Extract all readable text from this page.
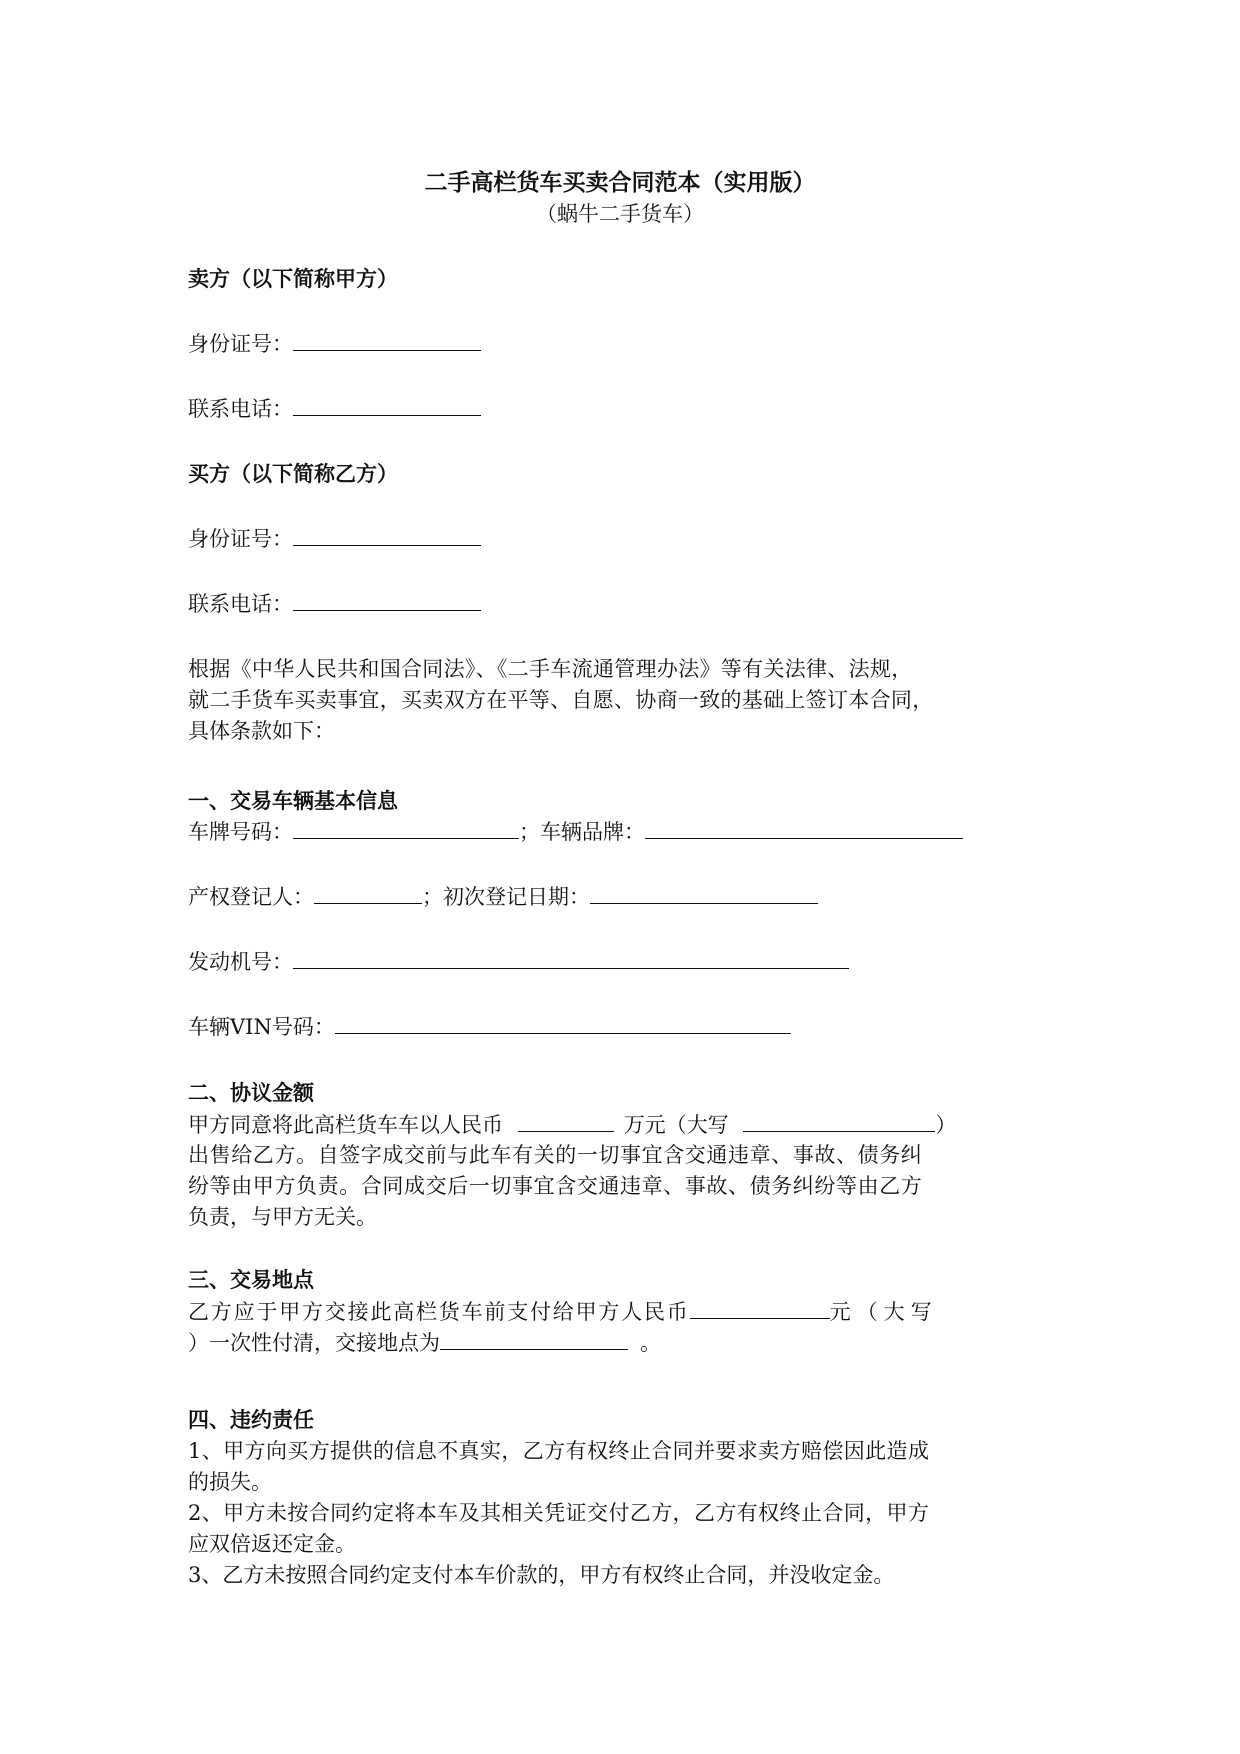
二手高栏货车买卖合同范本（实用版）
（蜗牛二手货车）
卖方（以下简称甲方）
身份证号：
联系电话：
买方（以下简称乙方）
身份证号：
联系电话：
根据《中华人民共和国合同法》、《二手车流通管理办法》等有关法律、法规，
就二手货车买卖事宜，买卖双方在平等、自愿、协商一致的基础上签订本合同，
具体条款如下：
一、交易车辆基本信息
车牌号码：	；车辆品牌：
产权登记人：	；初次登记日期：
发动机号：
车辆VIN号码：
二、协议金额
甲方同意将此高栏货车车以人民币	万元（大写	）
出售给乙方。自签字成交前与此车有关的一切事宜含交通违章、事故、债务纠
纷等由甲方负责。合同成交后一切事宜含交通违章、事故、债务纠纷等由乙方
负责，与甲方无关。
三、交易地点
乙方应于甲方交接此高栏货车前支付给甲方人民币	元（大写
）一次性付清，交接地点为	。
四、违约责任
1、甲方向买方提供的信息不真实，乙方有权终止合同并要求卖方赔偿因此造成
的损失。
2、甲方未按合同约定将本车及其相关凭证交付乙方，乙方有权终止合同，甲方
应双倍返还定金。
3、乙方未按照合同约定支付本车价款的，甲方有权终止合同，并没收定金。
